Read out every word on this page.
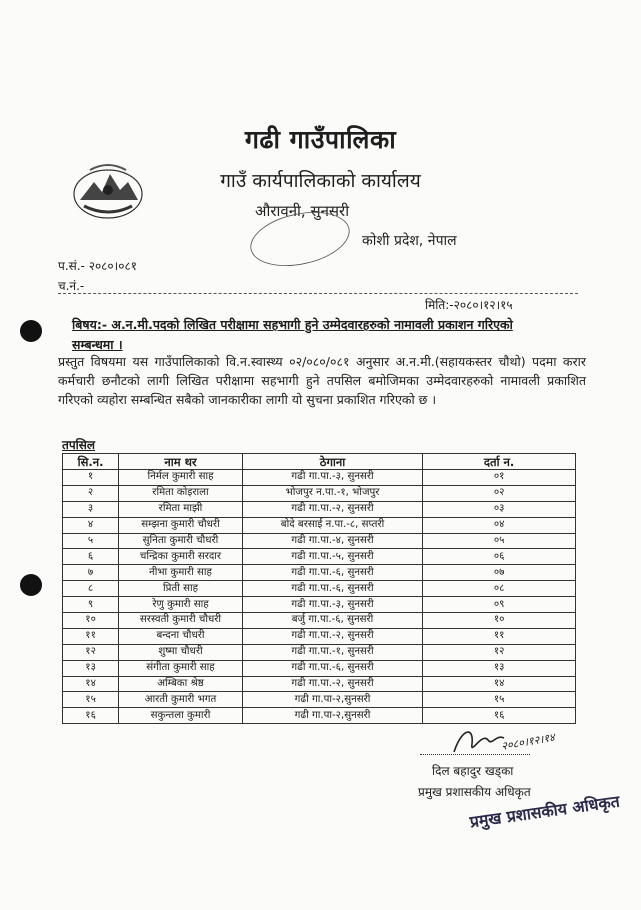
गढी गाउँपालिका
गाउँ कार्यपालिकाको कार्यालय
औरावनी, सुनसरी
कोशी प्रदेश, नेपाल
प.सं.- २०८०।०८१
च.नं.-
मिति:-२०८०।१२।१५
बिषय:- अ.न.मी.पदको लिखित परीक्षामा सहभागी हुने उम्मेदवारहरुको नामावली प्रकाशन गरिएको सम्बन्धमा ।
प्रस्तुत विषयमा यस गाउँपालिकाको वि.न.स्वास्थ्य ०२/०८०/०८१ अनुसार अ.न.मी.(सहायकस्तर चौथो) पदमा करार कर्मचारी छनौटको लागी लिखित परीक्षामा सहभागी हुने तपसिल बमोजिमका उम्मेदवारहरुको नामावली प्रकाशित गरिएको व्यहोरा सम्बन्धित सबैको जानकारीका लागी यो सुचना प्रकाशित गरिएको छ ।
तपसिल
सि.न.	नाम थर	ठेगाना	दर्ता न.
१	निर्मल कुमारी साह	गढी गा.पा.-३, सुनसरी	०१
२	रमिता कोइराला	भोजपुर न.पा.-१, भोजपुर	०२
३	रमिता माझी	गढी गा.पा.-२, सुनसरी	०३
४	सम्झना कुमारी चौधरी	बोदे बरसाई न.पा.-८, सप्तरी	०४
५	सुनिता कुमारी चौधरी	गढी गा.पा.-४, सुनसरी	०५
६	चन्द्रिका कुमारी सरदार	गढी गा.पा.-५, सुनसरी	०६
७	नीभा कुमारी साह	गढी गा.पा.-६, सुनसरी	०७
८	प्रिती साह	गढी गा.पा.-६, सुनसरी	०८
९	रेणु कुमारी साह	गढी गा.पा.-३, सुनसरी	०९
१०	सरस्वती कुमारी चौधरी	बर्जु गा.पा.-६, सुनसरी	१०
११	बन्दना चौधरी	गढी गा.पा.-२, सुनसरी	११
१२	शुष्मा चौधरी	गढी गा.पा.-१, सुनसरी	१२
१३	संगीता कुमारी साह	गढी गा.पा.-६, सुनसरी	१३
१४	अम्बिका श्रेष्ठ	गढी गा.पा.-२, सुनसरी	१४
१५	आरती कुमारी भगत	गढी गा.पा-२,सुनसरी	१५
१६	सकुन्तला कुमारी	गढी गा.पा-२,सुनसरी	१६
२०८०।१२।१४
दिल बहादुर खड्का
प्रमुख प्रशासकीय अधिकृत
प्रमुख प्रशासकीय अधिकृत
